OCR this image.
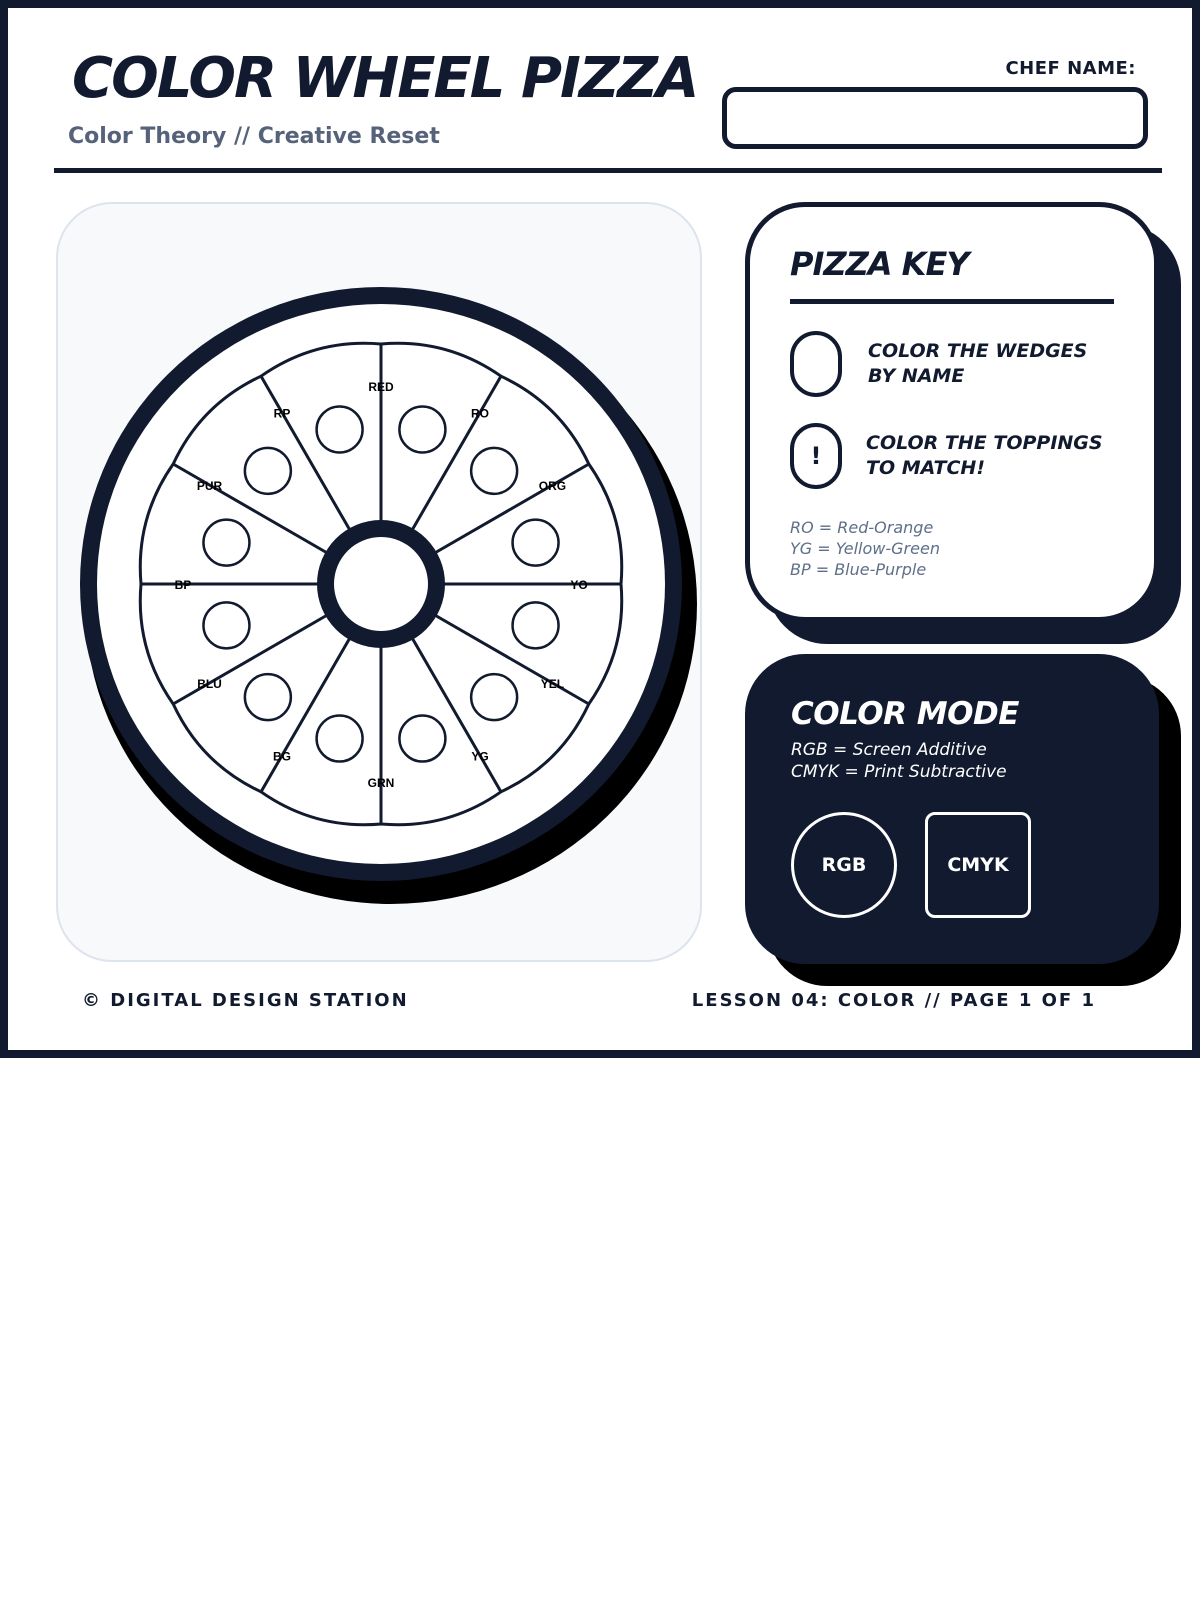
COLOR WHEEL PIZZA
Color Theory // Creative Reset
CHEF NAME:
RED
RO
ORG
YO
YEL
YG
GRN
BG
BLU
BP
PUR
RP
PIZZA KEY
COLOR THE WEDGES
BY NAME
!	COLOR THE TOPPINGS
TO MATCH!
RO = Red-Orange
YG = Yellow-Green
BP = Blue-Purple
COLOR MODE
RGB = Screen Additive
CMYK = Print Subtractive
RGB	CMYK
© DIGITAL DESIGN STATION	LESSON 04: COLOR // PAGE 1 OF 1
